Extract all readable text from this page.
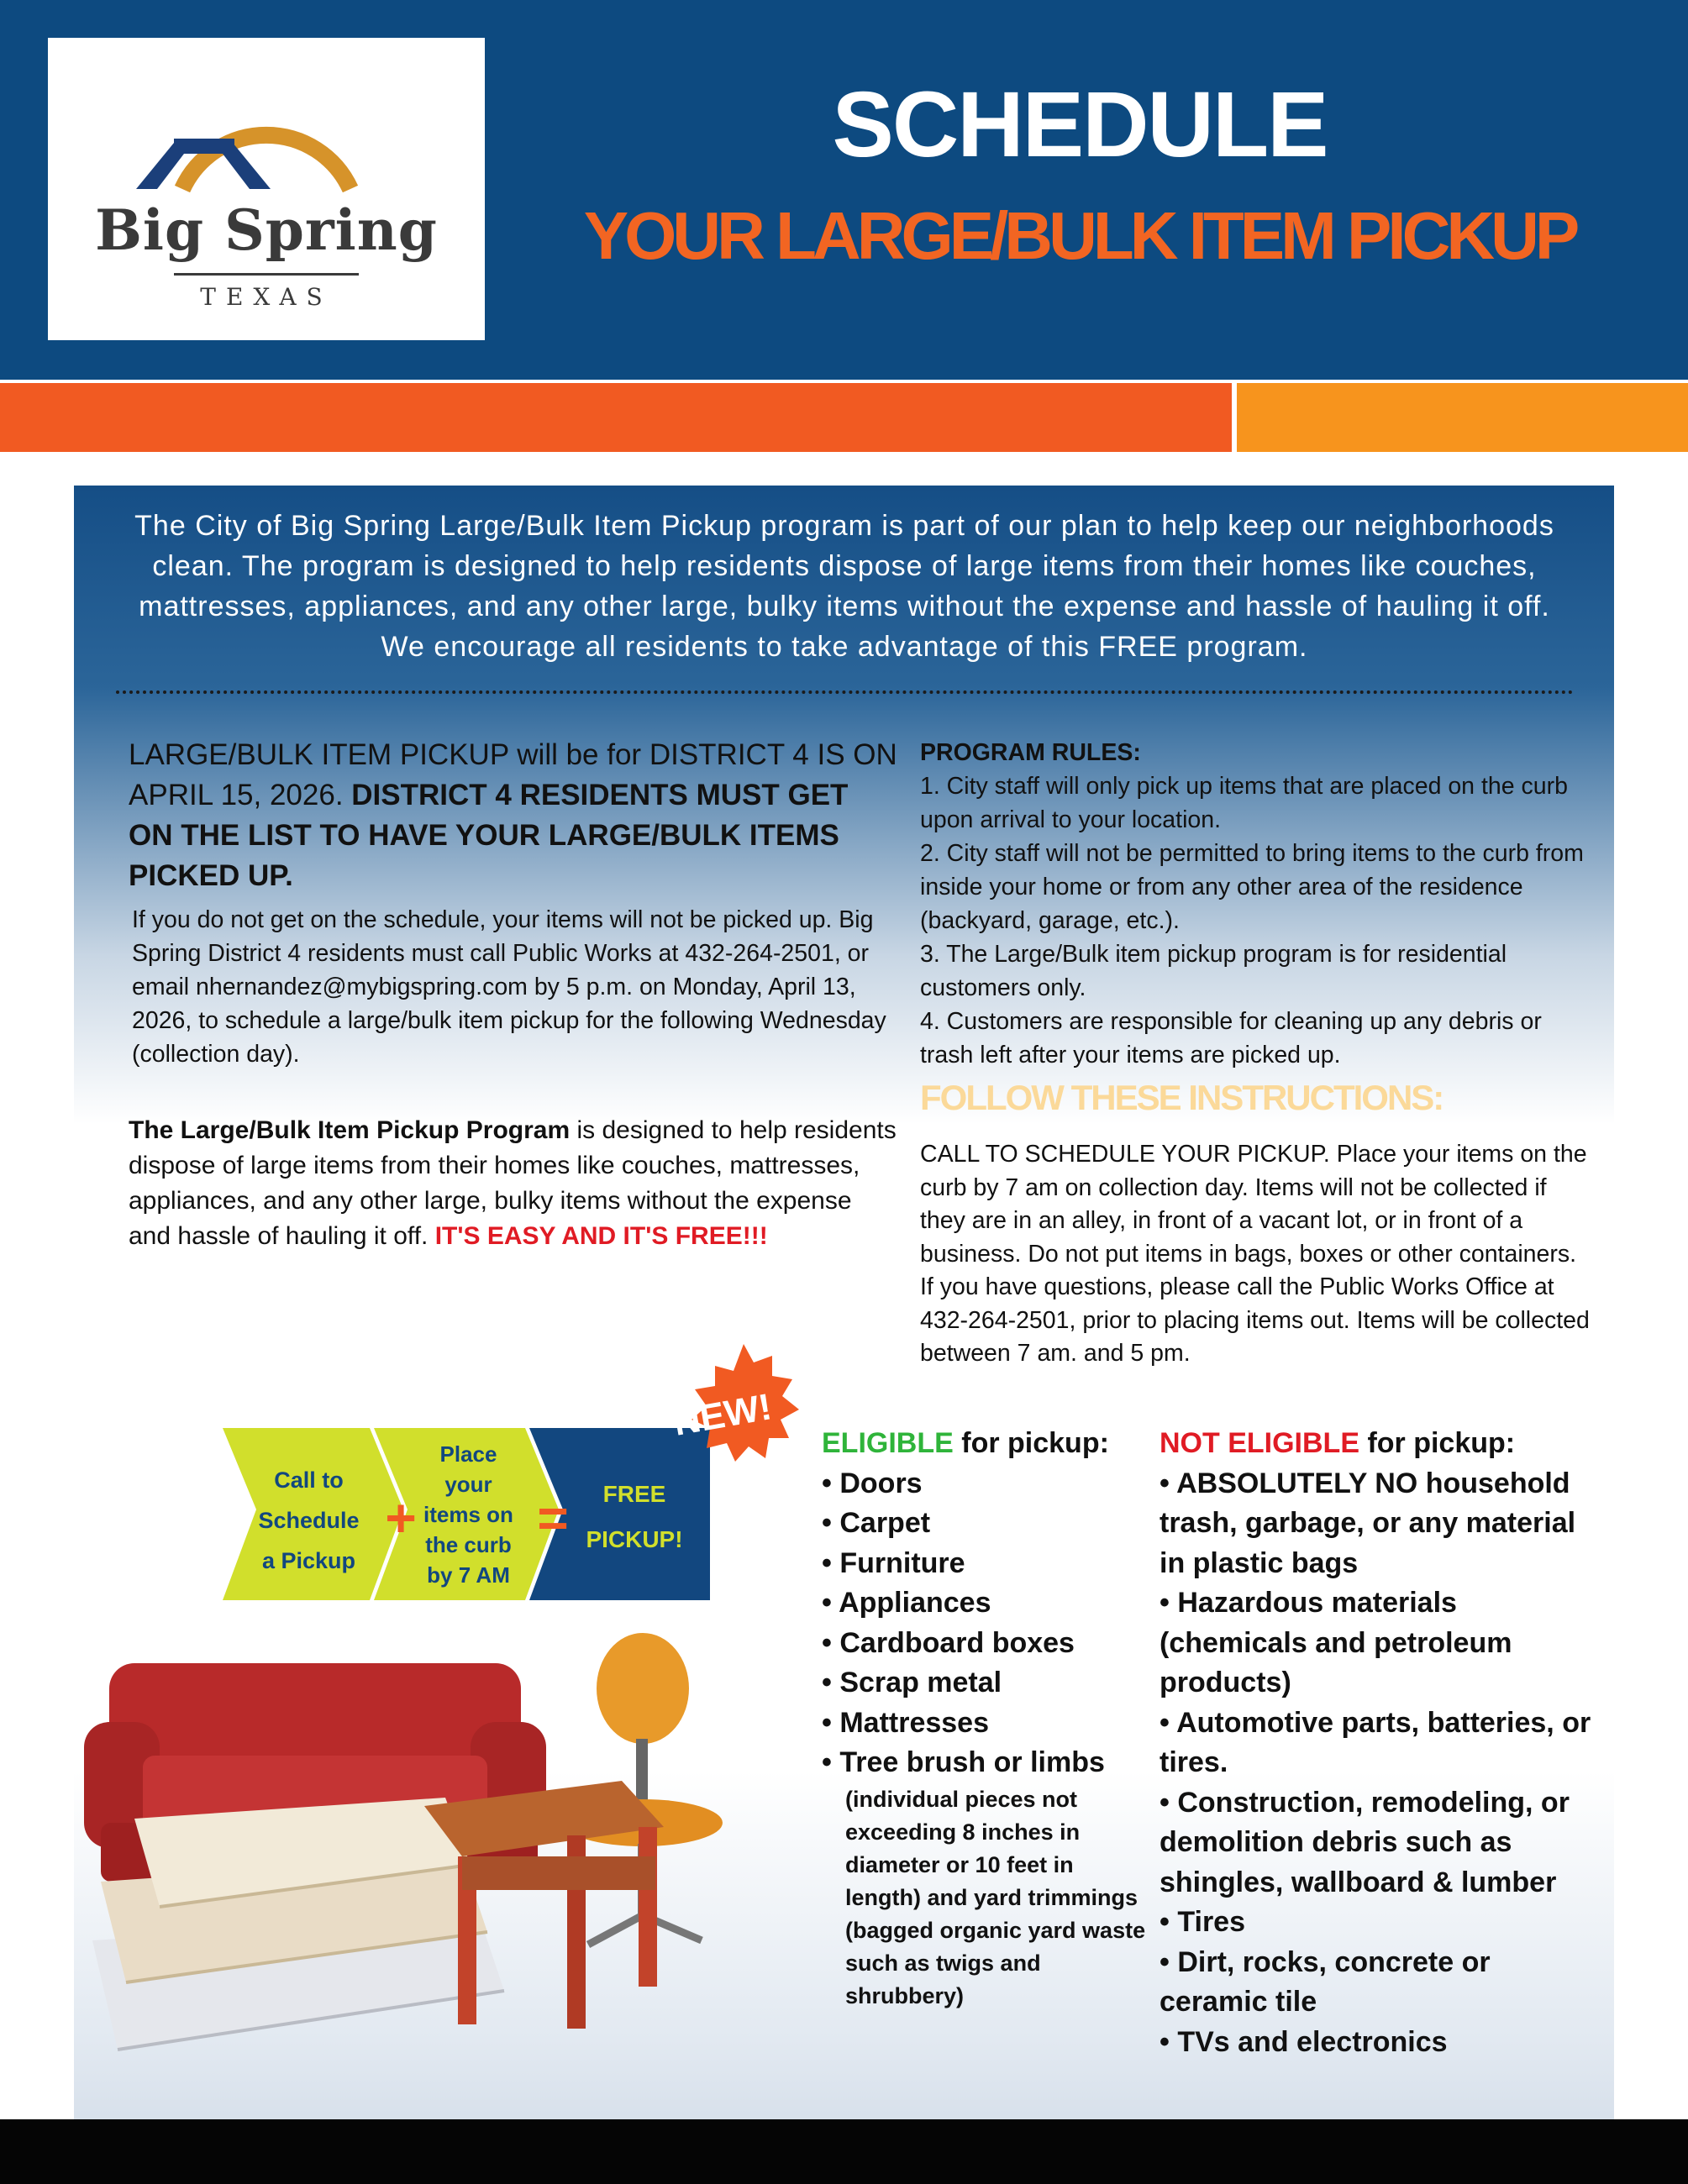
Big Spring
TEXAS
SCHEDULE
YOUR LARGE/BULK ITEM PICKUP
The City of Big Spring Large/Bulk Item Pickup program is part of our plan to help keep our neighborhoods clean. The program is designed to help residents dispose of large items from their homes like couches, mattresses, appliances, and any other large, bulky items without the expense and hassle of hauling it off. We encourage all residents to take advantage of this FREE program.
LARGE/BULK ITEM PICKUP will be for DISTRICT 4 IS ON APRIL 15, 2026. DISTRICT 4 RESIDENTS MUST GET ON THE LIST TO HAVE YOUR LARGE/BULK ITEMS PICKED UP.
If you do not get on the schedule, your items will not be picked up. Big Spring District 4 residents must call Public Works at 432-264-2501, or email nhernandez@mybigspring.com by 5 p.m. on Monday, April 13, 2026, to schedule a large/bulk item pickup for the following Wednesday (collection day).
The Large/Bulk Item Pickup Program is designed to help residents dispose of large items from their homes like couches, mattresses, appliances, and any other large, bulky items without the expense and hassle of hauling it off. IT'S EASY AND IT'S FREE!!!
PROGRAM RULES:
1. City staff will only pick up items that are placed on the curb upon arrival to your location.
2. City staff will not be permitted to bring items to the curb from inside your home or from any other area of the residence (backyard, garage, etc.).
3. The Large/Bulk item pickup program is for residential customers only.
4. Customers are responsible for cleaning up any debris or trash left after your items are picked up.
FOLLOW THESE INSTRUCTIONS:
CALL TO SCHEDULE YOUR PICKUP. Place your items on the curb by 7 am on collection day. Items will not be collected if they are in an alley, in front of a vacant lot, or in front of a business. Do not put items in bags, boxes or other containers. If you have questions, please call the Public Works Office at 432-264-2501, prior to placing items out. Items will be collected between 7 am. and 5 pm.
Call to
Schedule
a Pickup
+
Place
your
items on
the curb
by 7 AM
=	FREE
PICKUP!
NEW! ELIGIBLE for pickup:
• Doors
• Carpet
• Furniture
• Appliances
• Cardboard boxes
• Scrap metal
• Mattresses
• Tree brush or limbs
(individual pieces not exceeding 8 inches in diameter or 10 feet in length) and yard trimmings (bagged organic yard waste such as twigs and shrubbery)
NOT ELIGIBLE for pickup:
• ABSOLUTELY NO household trash, garbage, or any material in plastic bags
• Hazardous materials (chemicals and petroleum products)
• Automotive parts, batteries, or tires.
• Construction, remodeling, or demolition debris such as shingles, wallboard & lumber
• Tires
• Dirt, rocks, concrete or ceramic tile
• TVs and electronics
